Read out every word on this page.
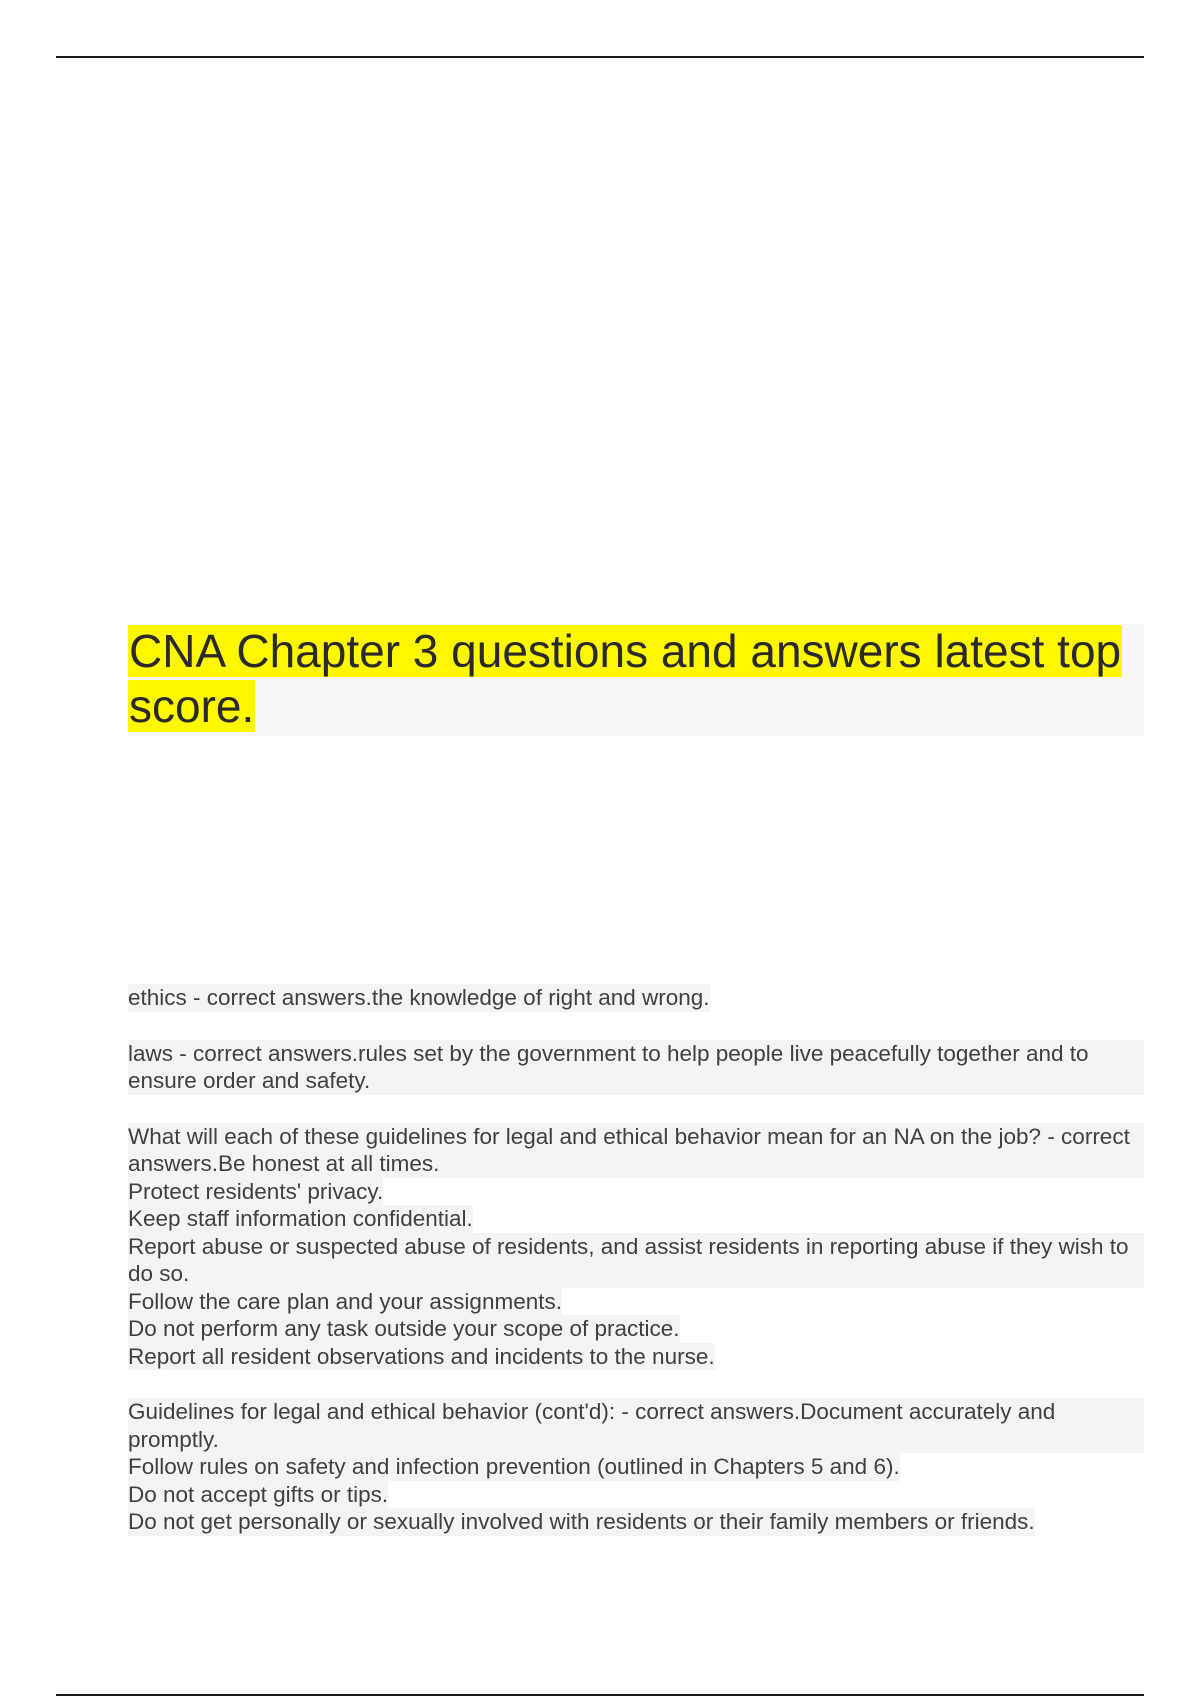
CNA Chapter 3 questions and answers latest top score.
ethics - correct answers.the knowledge of right and wrong.
laws - correct answers.rules set by the government to help people live peacefully together and to ensure order and safety.
What will each of these guidelines for legal and ethical behavior mean for an NA on the job? - correct answers.Be honest at all times.
Protect residents' privacy.
Keep staff information confidential.
Report abuse or suspected abuse of residents, and assist residents in reporting abuse if they wish to do so.
Follow the care plan and your assignments.
Do not perform any task outside your scope of practice.
Report all resident observations and incidents to the nurse.
Guidelines for legal and ethical behavior (cont'd): - correct answers.Document accurately and promptly.
Follow rules on safety and infection prevention (outlined in Chapters 5 and 6).
Do not accept gifts or tips.
Do not get personally or sexually involved with residents or their family members or friends.
